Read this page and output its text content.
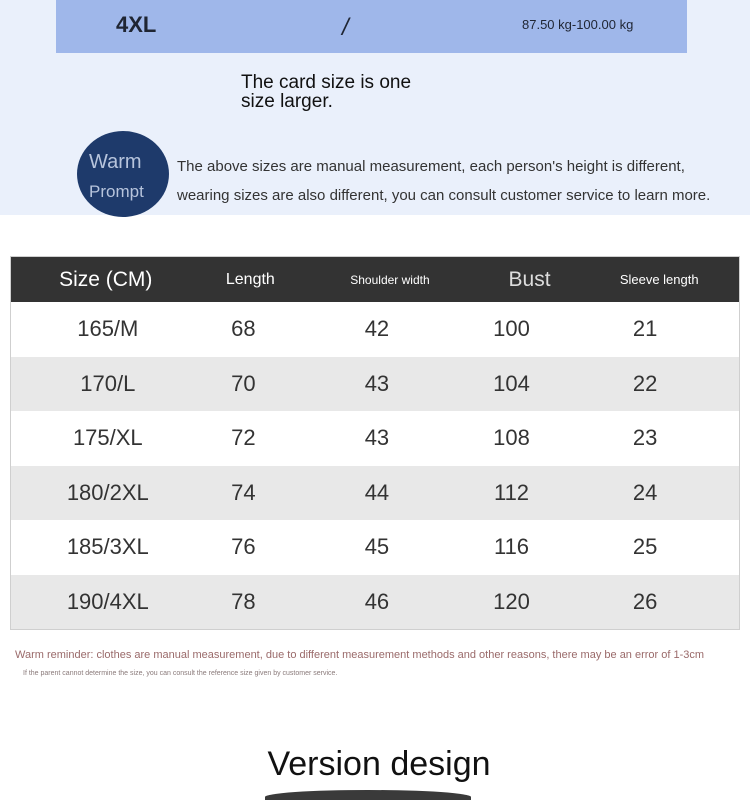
4XL	/	87.50 kg-100.00 kg
The card size is one size larger.
Warm
Prompt
The above sizes are manual measurement, each person's height is different, wearing sizes are also different, you can consult customer service to learn more.
Size (CM)	Length	Shoulder width	Bust	Sleeve length
165/M	68	42	100	21
170/L	70	43	104	22
175/XL	72	43	108	23
180/2XL	74	44	112	24
185/3XL	76	45	116	25
190/4XL	78	46	120	26
Warm reminder: clothes are manual measurement, due to different measurement methods and other reasons, there may be an error of 1-3cm
If the parent cannot determine the size, you can consult the reference size given by customer service.
Version design
